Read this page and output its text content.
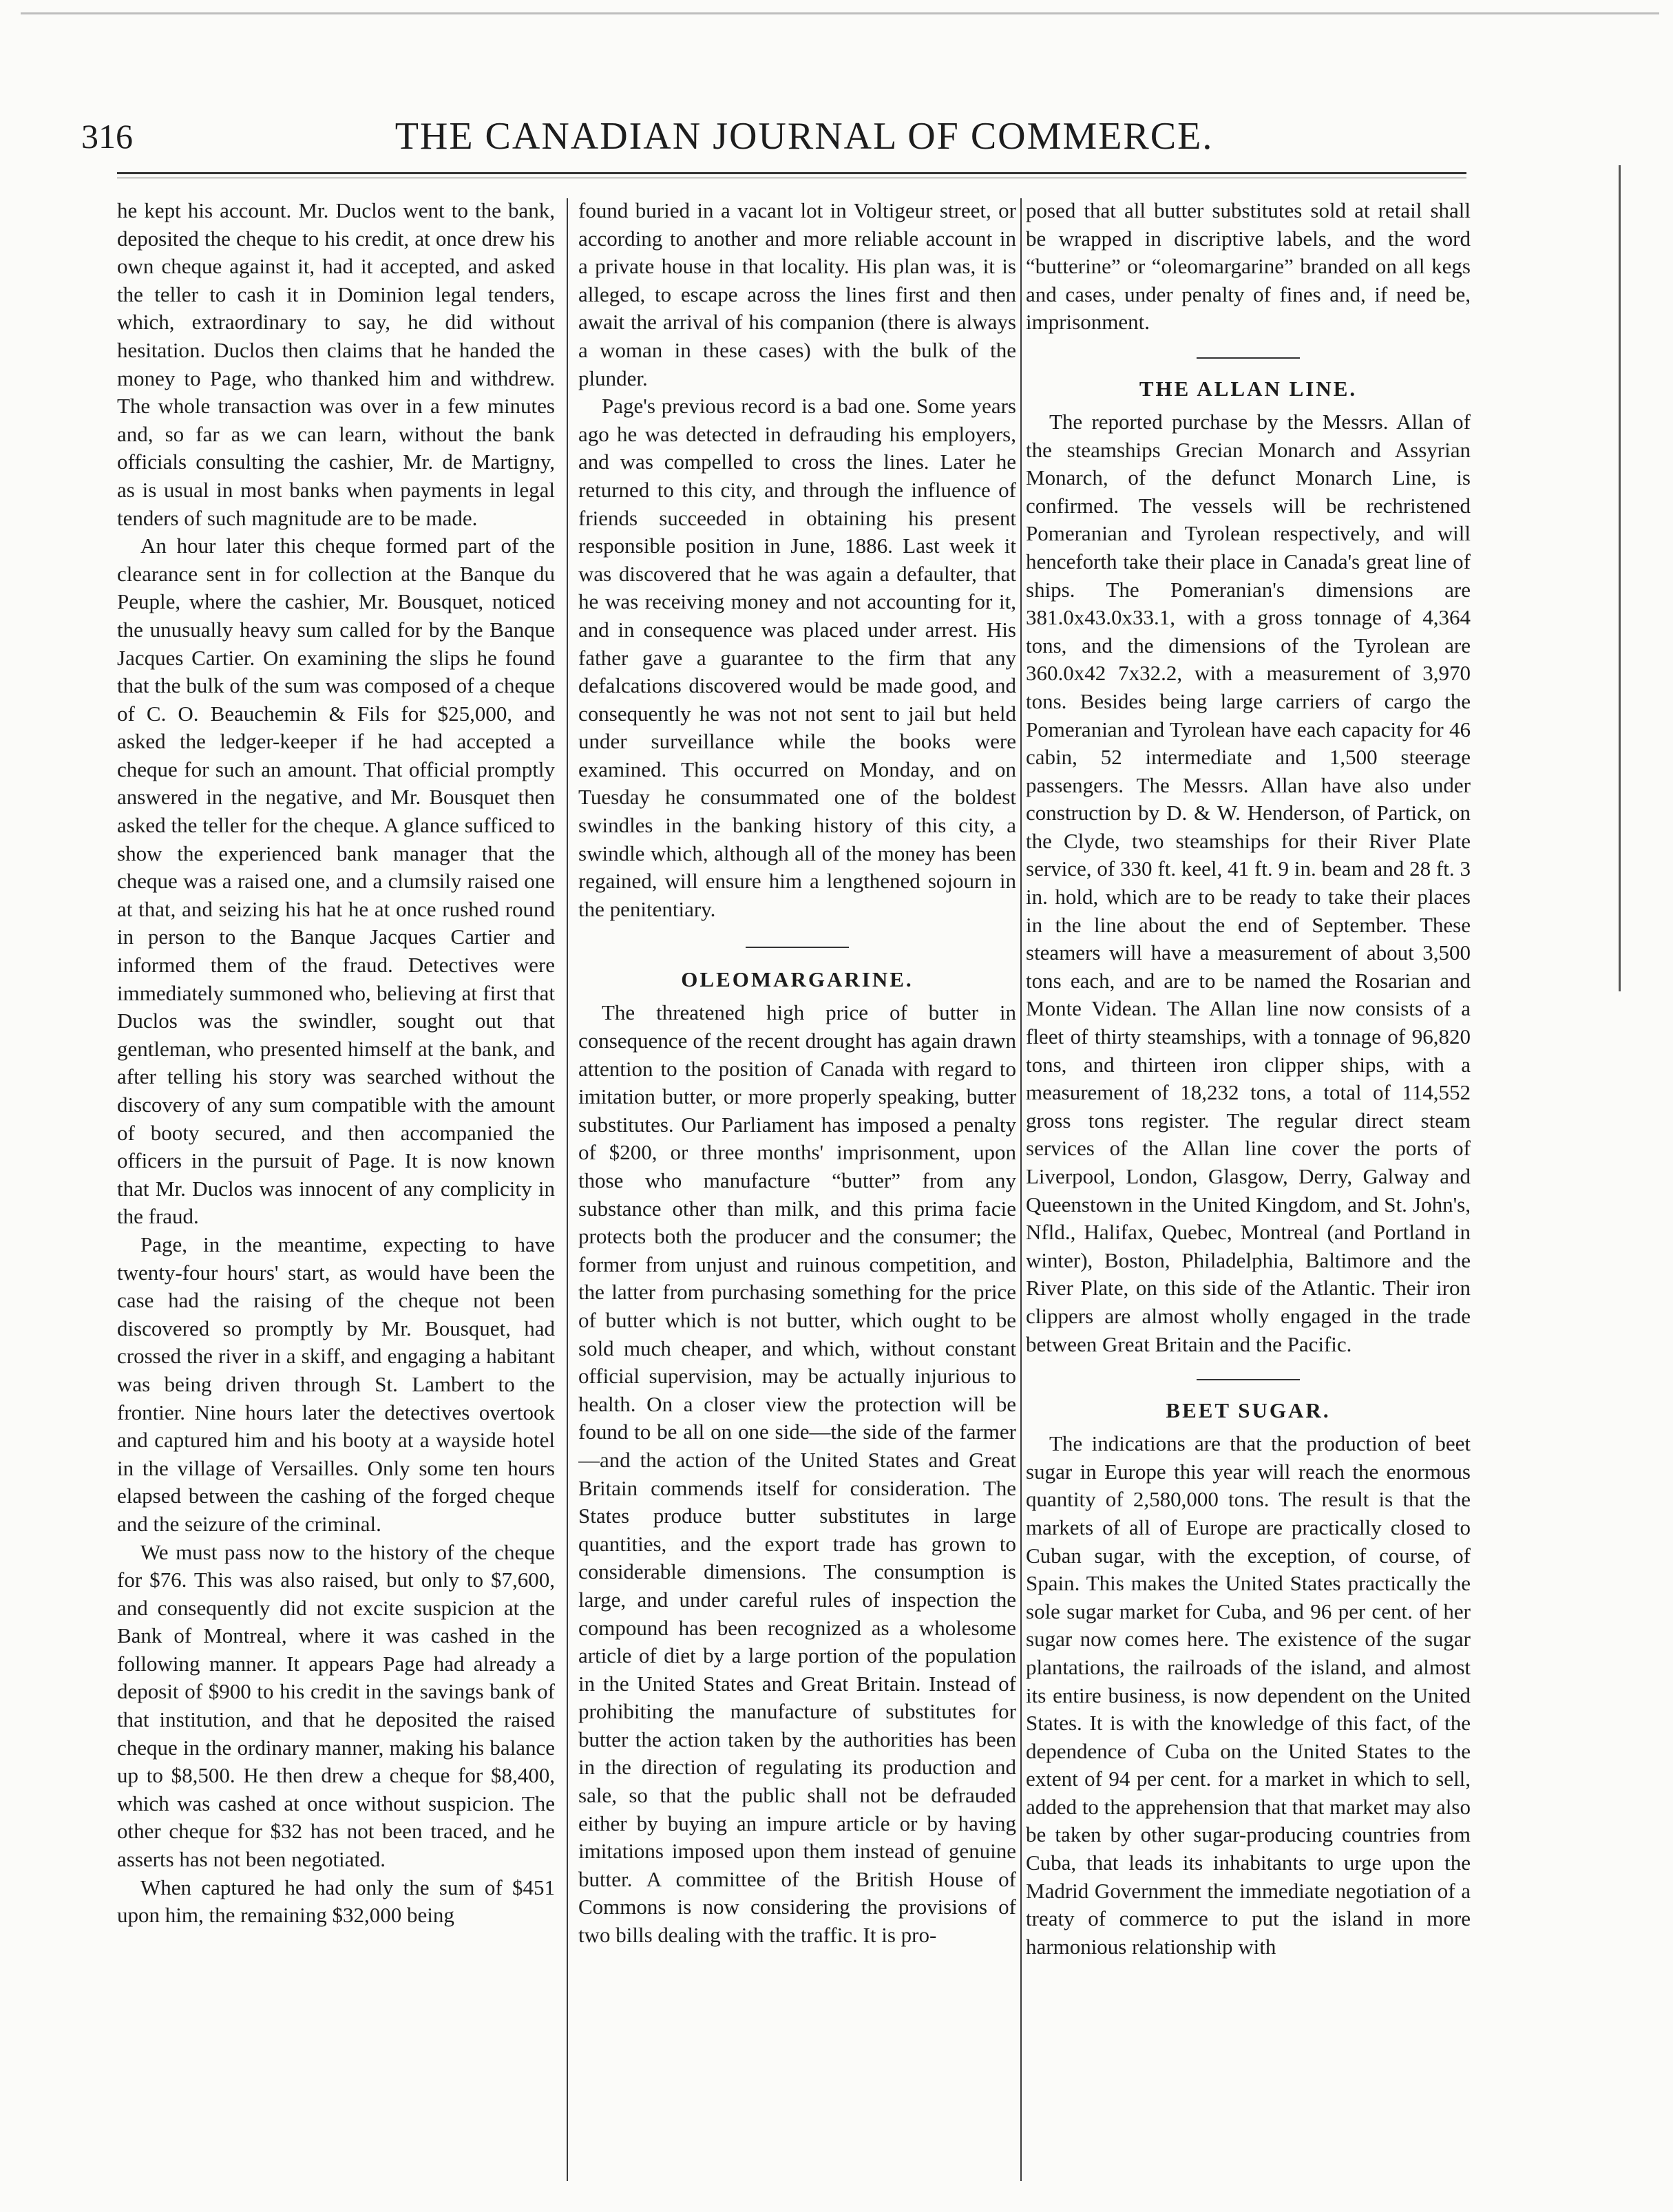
316	THE CANADIAN JOURNAL OF COMMERCE.

he kept his account. Mr. Duclos went to the bank, deposited the cheque to his credit, at once drew his own cheque against it, had it accepted, and asked the teller to cash it in Dominion legal tenders, which, extraordinary to say, he did without hesitation. Duclos then claims that he handed the money to Page, who thanked him and withdrew. The whole transaction was over in a few minutes and, so far as we can learn, without the bank officials consulting the cashier, Mr. de Martigny, as is usual in most banks when payments in legal tenders of such magnitude are to be made.

An hour later this cheque formed part of the clearance sent in for collection at the Banque du Peuple, where the cashier, Mr. Bousquet, noticed the unusually heavy sum called for by the Banque Jacques Cartier. On examining the slips he found that the bulk of the sum was composed of a cheque of C. O. Beauchemin & Fils for $25,000, and asked the ledger-keeper if he had accepted a cheque for such an amount. That official promptly answered in the negative, and Mr. Bousquet then asked the teller for the cheque. A glance sufficed to show the experienced bank manager that the cheque was a raised one, and a clumsily raised one at that, and seizing his hat he at once rushed round in person to the Banque Jacques Cartier and informed them of the fraud. Detectives were immediately summoned who, believing at first that Duclos was the swindler, sought out that gentleman, who presented himself at the bank, and after telling his story was searched without the discovery of any sum compatible with the amount of booty secured, and then accompanied the officers in the pursuit of Page. It is now known that Mr. Duclos was innocent of any complicity in the fraud.

Page, in the meantime, expecting to have twenty-four hours' start, as would have been the case had the raising of the cheque not been discovered so promptly by Mr. Bousquet, had crossed the river in a skiff, and engaging a habitant was being driven through St. Lambert to the frontier. Nine hours later the detectives overtook and captured him and his booty at a wayside hotel in the village of Versailles. Only some ten hours elapsed between the cashing of the forged cheque and the seizure of the criminal.

We must pass now to the history of the cheque for $76. This was also raised, but only to $7,600, and consequently did not excite suspicion at the Bank of Montreal, where it was cashed in the following manner. It appears Page had already a deposit of $900 to his credit in the savings bank of that institution, and that he deposited the raised cheque in the ordinary manner, making his balance up to $8,500. He then drew a cheque for $8,400, which was cashed at once without suspicion. The other cheque for $32 has not been traced, and he asserts has not been negotiated.

When captured he had only the sum of $451 upon him, the remaining $32,000 being

found buried in a vacant lot in Voltigeur street, or according to another and more reliable account in a private house in that locality. His plan was, it is alleged, to escape across the lines first and then await the arrival of his companion (there is always a woman in these cases) with the bulk of the plunder.

Page's previous record is a bad one. Some years ago he was detected in defrauding his employers, and was compelled to cross the lines. Later he returned to this city, and through the influence of friends succeeded in obtaining his present responsible position in June, 1886. Last week it was discovered that he was again a defaulter, that he was receiving money and not accounting for it, and in consequence was placed under arrest. His father gave a guarantee to the firm that any defalcations discovered would be made good, and consequently he was not not sent to jail but held under surveillance while the books were examined. This occurred on Monday, and on Tuesday he consummated one of the boldest swindles in the banking history of this city, a swindle which, although all of the money has been regained, will ensure him a lengthened sojourn in the penitentiary.

OLEOMARGARINE.

The threatened high price of butter in consequence of the recent drought has again drawn attention to the position of Canada with regard to imitation butter, or more properly speaking, butter substitutes. Our Parliament has imposed a penalty of $200, or three months' imprisonment, upon those who manufacture “butter” from any substance other than milk, and this prima facie protects both the producer and the consumer; the former from unjust and ruinous competition, and the latter from purchasing something for the price of butter which is not butter, which ought to be sold much cheaper, and which, without constant official supervision, may be actually injurious to health. On a closer view the protection will be found to be all on one side—the side of the farmer—and the action of the United States and Great Britain commends itself for consideration. The States produce butter substitutes in large quantities, and the export trade has grown to considerable dimensions. The consumption is large, and under careful rules of inspection the compound has been recognized as a wholesome article of diet by a large portion of the population in the United States and Great Britain. Instead of prohibiting the manufacture of substitutes for butter the action taken by the authorities has been in the direction of regulating its production and sale, so that the public shall not be defrauded either by buying an impure article or by having imitations imposed upon them instead of genuine butter. A committee of the British House of Commons is now considering the provisions of two bills dealing with the traffic. It is pro-

posed that all butter substitutes sold at retail shall be wrapped in discriptive labels, and the word “butterine” or “oleomargarine” branded on all kegs and cases, under penalty of fines and, if need be, imprisonment.

THE ALLAN LINE.

The reported purchase by the Messrs. Allan of the steamships Grecian Monarch and Assyrian Monarch, of the defunct Monarch Line, is confirmed. The vessels will be rechristened Pomeranian and Tyrolean respectively, and will henceforth take their place in Canada's great line of ships. The Pomeranian's dimensions are 381.0x43.0x33.1, with a gross tonnage of 4,364 tons, and the dimensions of the Tyrolean are 360.0x42 7x32.2, with a measurement of 3,970 tons. Besides being large carriers of cargo the Pomeranian and Tyrolean have each capacity for 46 cabin, 52 intermediate and 1,500 steerage passengers. The Messrs. Allan have also under construction by D. & W. Henderson, of Partick, on the Clyde, two steamships for their River Plate service, of 330 ft. keel, 41 ft. 9 in. beam and 28 ft. 3 in. hold, which are to be ready to take their places in the line about the end of September. These steamers will have a measurement of about 3,500 tons each, and are to be named the Rosarian and Monte Videan. The Allan line now consists of a fleet of thirty steamships, with a tonnage of 96,820 tons, and thirteen iron clipper ships, with a measurement of 18,232 tons, a total of 114,552 gross tons register. The regular direct steam services of the Allan line cover the ports of Liverpool, London, Glasgow, Derry, Galway and Queenstown in the United Kingdom, and St. John's, Nfld., Halifax, Quebec, Montreal (and Portland in winter), Boston, Philadelphia, Baltimore and the River Plate, on this side of the Atlantic. Their iron clippers are almost wholly engaged in the trade between Great Britain and the Pacific.

BEET SUGAR.

The indications are that the production of beet sugar in Europe this year will reach the enormous quantity of 2,580,000 tons. The result is that the markets of all of Europe are practically closed to Cuban sugar, with the exception, of course, of Spain. This makes the United States practically the sole sugar market for Cuba, and 96 per cent. of her sugar now comes here. The existence of the sugar plantations, the railroads of the island, and almost its entire business, is now dependent on the United States. It is with the knowledge of this fact, of the dependence of Cuba on the United States to the extent of 94 per cent. for a market in which to sell, added to the apprehension that that market may also be taken by other sugar-producing countries from Cuba, that leads its inhabitants to urge upon the Madrid Government the immediate negotiation of a treaty of commerce to put the island in more harmonious relationship with
